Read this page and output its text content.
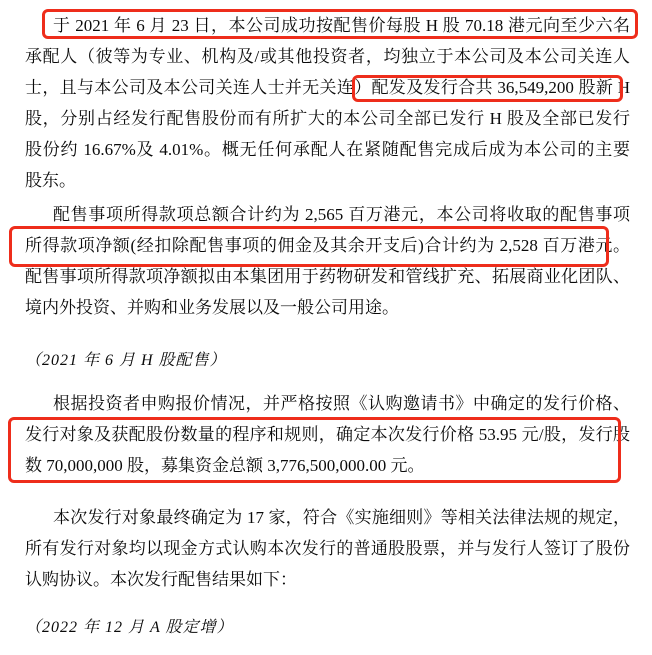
于 2021 年 6 月 23 日，本公司成功按配售价每股 H 股 70.18 港元向至少六名
承配人（彼等为专业、机构及/或其他投资者，均独立于本公司及本公司关连人
士，且与本公司及本公司关连人士并无关连）配发及发行合共 36,549,200 股新 H
股，分别占经发行配售股份而有所扩大的本公司全部已发行 H 股及全部已发行
股份约 16.67%及 4.01%。概无任何承配人在紧随配售完成后成为本公司的主要
股东。

配售事项所得款项总额合计约为 2,565 百万港元，本公司将收取的配售事项
所得款项净额(经扣除配售事项的佣金及其余开支后)合计约为 2,528 百万港元。
配售事项所得款项净额拟由本集团用于药物研发和管线扩充、拓展商业化团队、
境内外投资、并购和业务发展以及一般公司用途。

（2021 年 6 月 H 股配售）

根据投资者申购报价情况，并严格按照《认购邀请书》中确定的发行价格、
发行对象及获配股份数量的程序和规则，确定本次发行价格 53.95 元/股，发行股
数 70,000,000 股，募集资金总额 3,776,500,000.00 元。

本次发行对象最终确定为 17 家，符合《实施细则》等相关法律法规的规定，
所有发行对象均以现金方式认购本次发行的普通股股票，并与发行人签订了股份
认购协议。本次发行配售结果如下：

（2022 年 12 月 A 股定增）
